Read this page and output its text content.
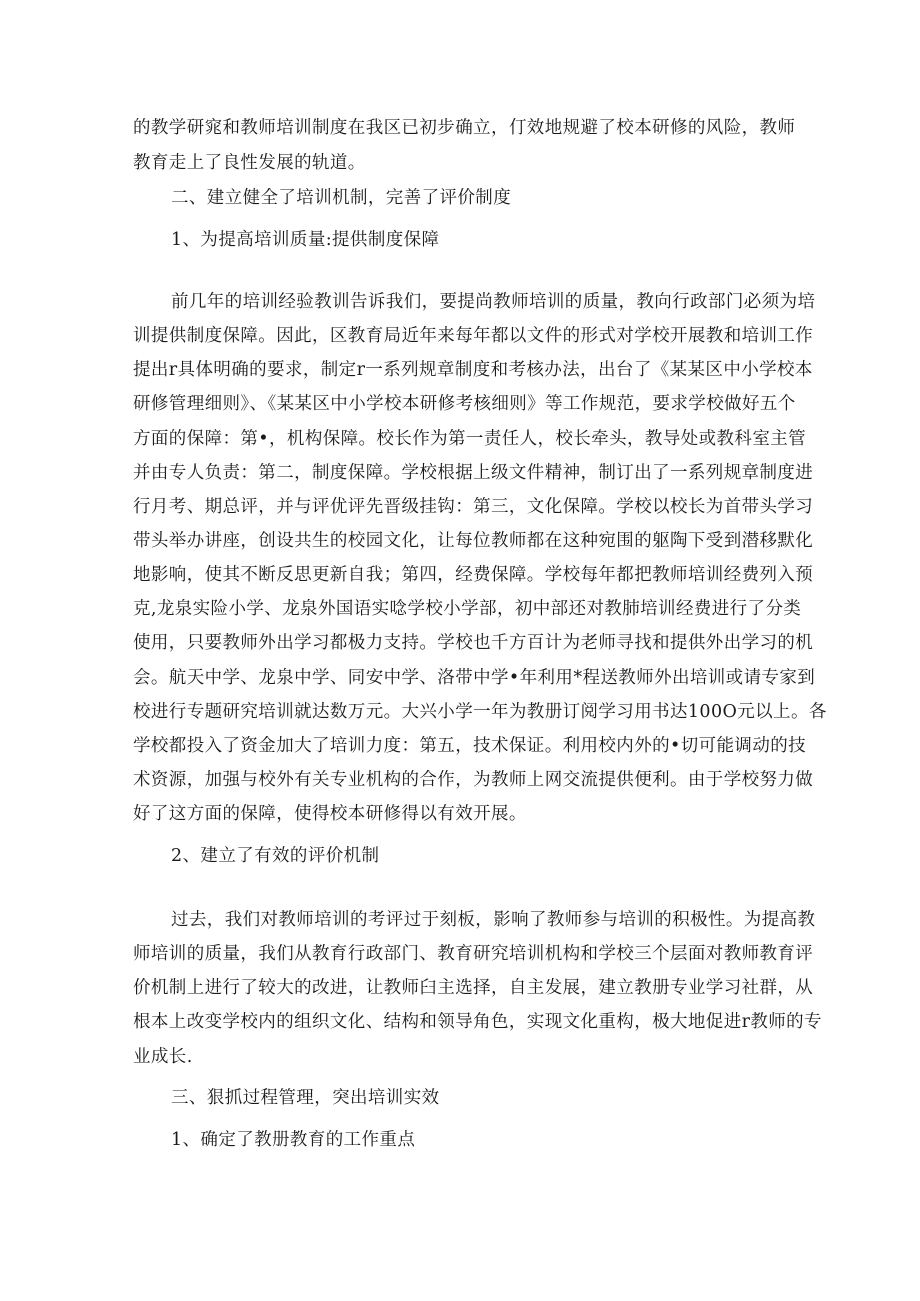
的教学研窕和教师培训制度在我区已初步确立，仃效地规避了校本研修的风险，教师
教育走上了良性发展的轨道。
二、建立健全了培训机制，完善了评价制度
1、为提高培训质量:提供制度保障
前几年的培训经验教训告诉我们，要提尚教师培训的质量，教向行政部门必须为培
训提供制度保障。因此，区教育局近年来每年都以文件的形式对学校开展教和培训工作
提出r具体明确的要求，制定r一系列规章制度和考核办法，出台了《某某区中小学校本
研修管理细则》、《某某区中小学校本研修考核细则》等工作规范，要求学校做好五个
方面的保障：第•，机构保障。校长作为第一责任人，校长牵头，教导处或教科室主管
并由专人负责：第二，制度保障。学校根据上级文件精神，制订出了一系列规章制度进
行月考、期总评，并与评优评先晋级挂钩：第三，文化保障。学校以校长为首带头学习
带头举办讲座，创设共生的校园文化，让每位教师都在这种宛围的躯陶下受到潜移默化
地影响，使其不断反思更新自我；第四，经费保障。学校每年都把教师培训经费列入预
克,龙泉实险小学、龙泉外国语实唸学校小学部，初中部还对教肺培训经费进行了分类
使用，只要教师外出学习都极力支持。学校也千方百计为老师寻找和提供外出学习的机
会。航天中学、龙泉中学、同安中学、洛带中学•年利用*程送教师外出培训或请专家到
校进行专题研究培训就达数万元。大兴小学一年为教册订阅学习用书达100O元以上。各
学校都投入了资金加大了培训力度：第五，技术保证。利用校内外的•切可能调动的技
术资源，加强与校外有关专业机构的合作，为教师上网交流提供便利。由于学校努力做
好了这方面的保障，使得校本研修得以有效开展。
2、建立了有效的评价机制
过去，我们对教师培训的考评过于刻板，影响了教师参与培训的积极性。为提高教
师培训的质量，我们从教育行政部门、教育研究培训机构和学校三个层面对教师教育评
价机制上进行了较大的改进，让教师臼主选择，自主发展，建立教册专业学习社群，从
根本上改变学校内的组织文化、结构和领导角色，实现文化重构，极大地促进r教师的专
业成长.
三、狠抓过程管理，突出培训实效
1、确定了教册教育的工作重点
